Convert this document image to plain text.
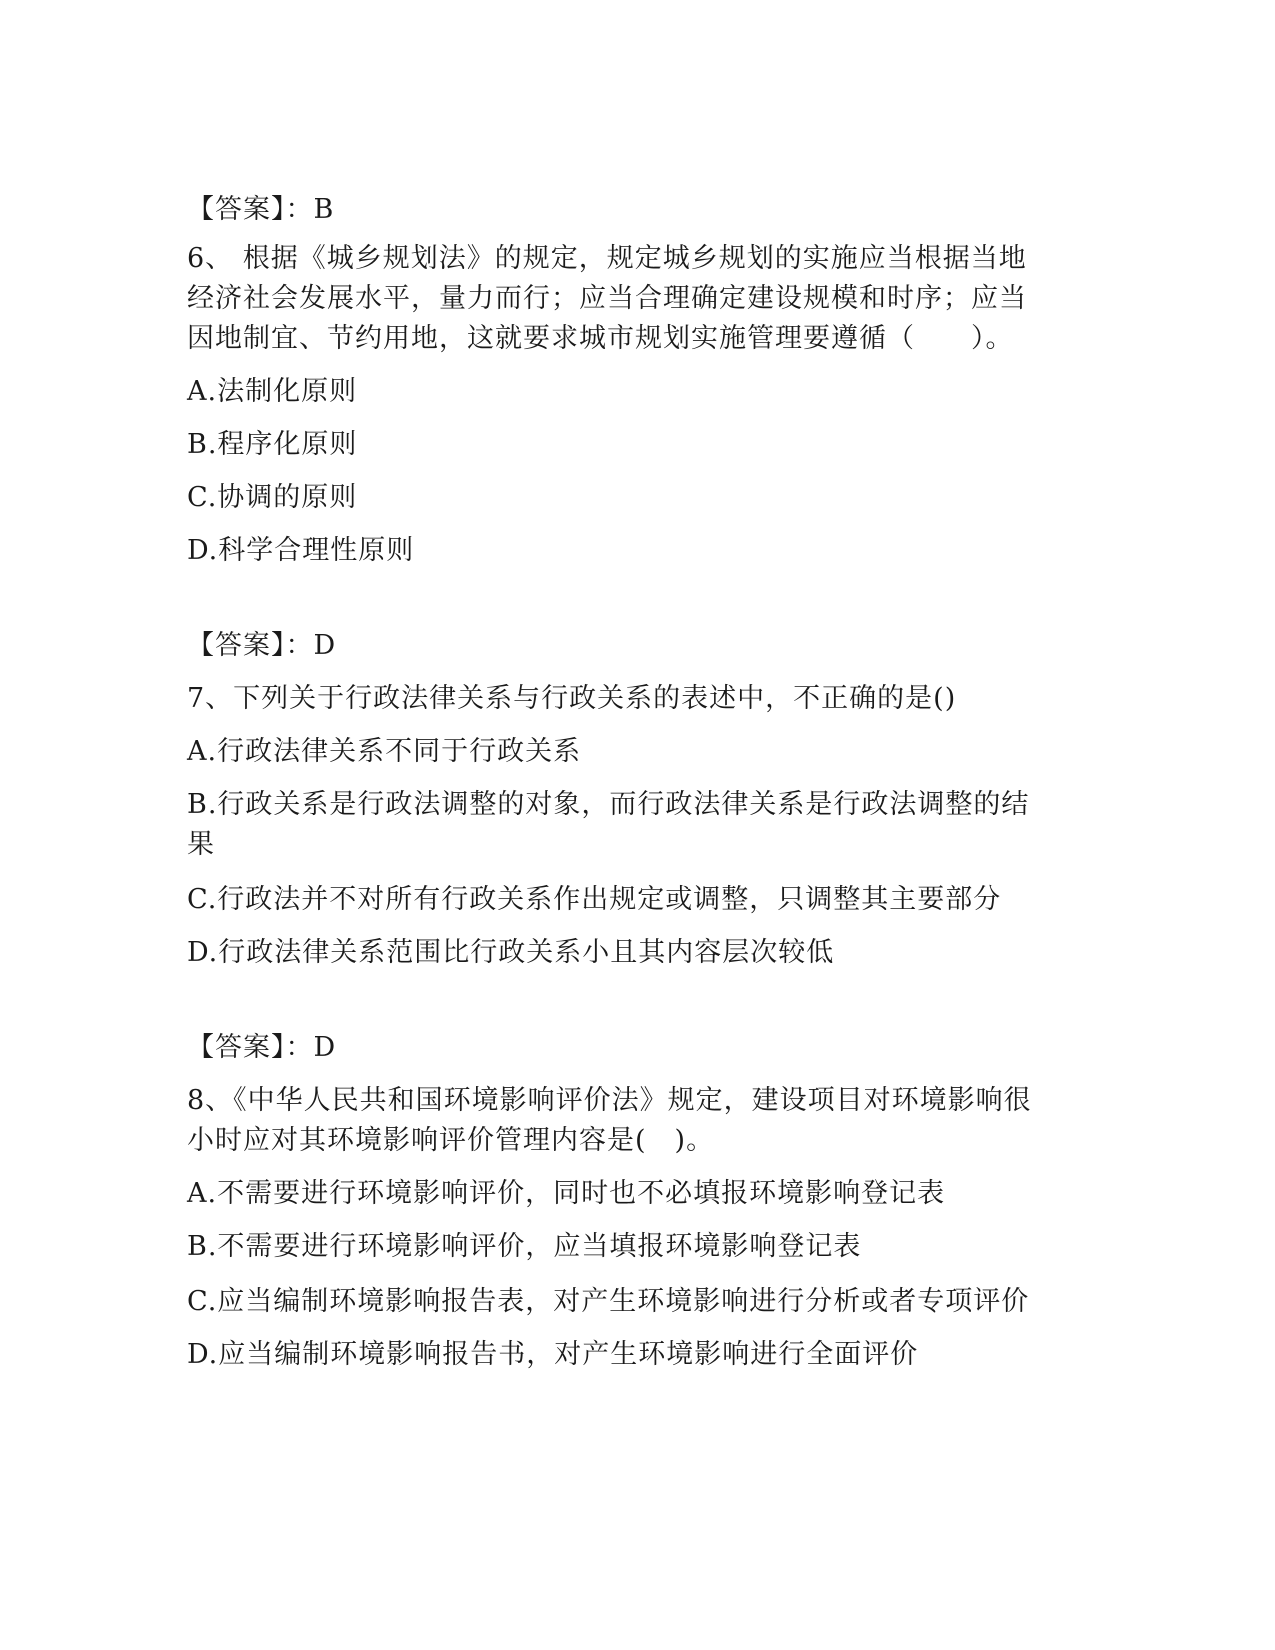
【答案】：B
6、 根据《城乡规划法》的规定，规定城乡规划的实施应当根据当地
经济社会发展水平，量力而行；应当合理确定建设规模和时序；应当
因地制宜、节约用地，这就要求城市规划实施管理要遵循（　　）。
A.法制化原则
B.程序化原则
C.协调的原则
D.科学合理性原则
【答案】：D
7、下列关于行政法律关系与行政关系的表述中，不正确的是()
A.行政法律关系不同于行政关系
B.行政关系是行政法调整的对象，而行政法律关系是行政法调整的结
果
C.行政法并不对所有行政关系作出规定或调整，只调整其主要部分
D.行政法律关系范围比行政关系小且其内容层次较低
【答案】：D
8、《中华人民共和国环境影响评价法》规定，建设项目对环境影响很
小时应对其环境影响评价管理内容是(　)。
A.不需要进行环境影响评价，同时也不必填报环境影响登记表
B.不需要进行环境影响评价，应当填报环境影响登记表
C.应当编制环境影响报告表，对产生环境影响进行分析或者专项评价
D.应当编制环境影响报告书，对产生环境影响进行全面评价
